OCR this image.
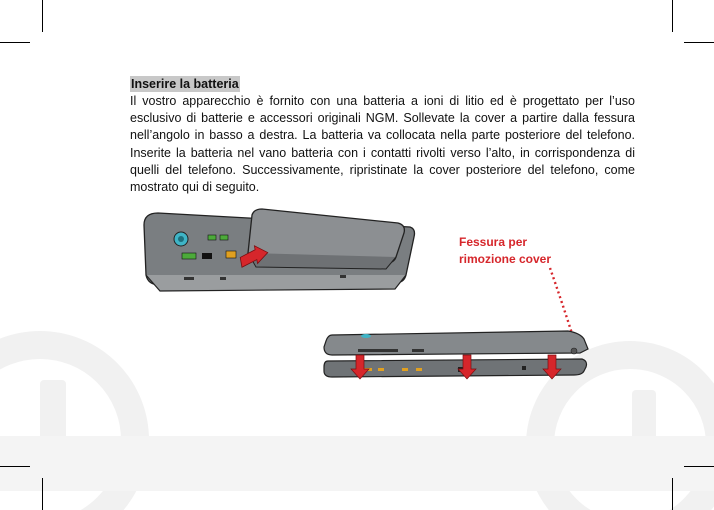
Inserire la batteria

Il vostro apparecchio è fornito con una batteria a ioni di litio ed è progettato per l’uso esclusivo di batterie e accessori originali NGM. Sollevate la cover a partire dalla fessura nell’angolo in basso a destra. La batteria va collocata nella parte posteriore del telefono. Inserite la batteria nel vano batteria con i contatti rivolti verso l’alto, in corrispondenza di quelli del telefono. Successivamente, ripristinate la cover posteriore del telefono, come mostrato qui di seguito.

Fessura per
rimozione cover
